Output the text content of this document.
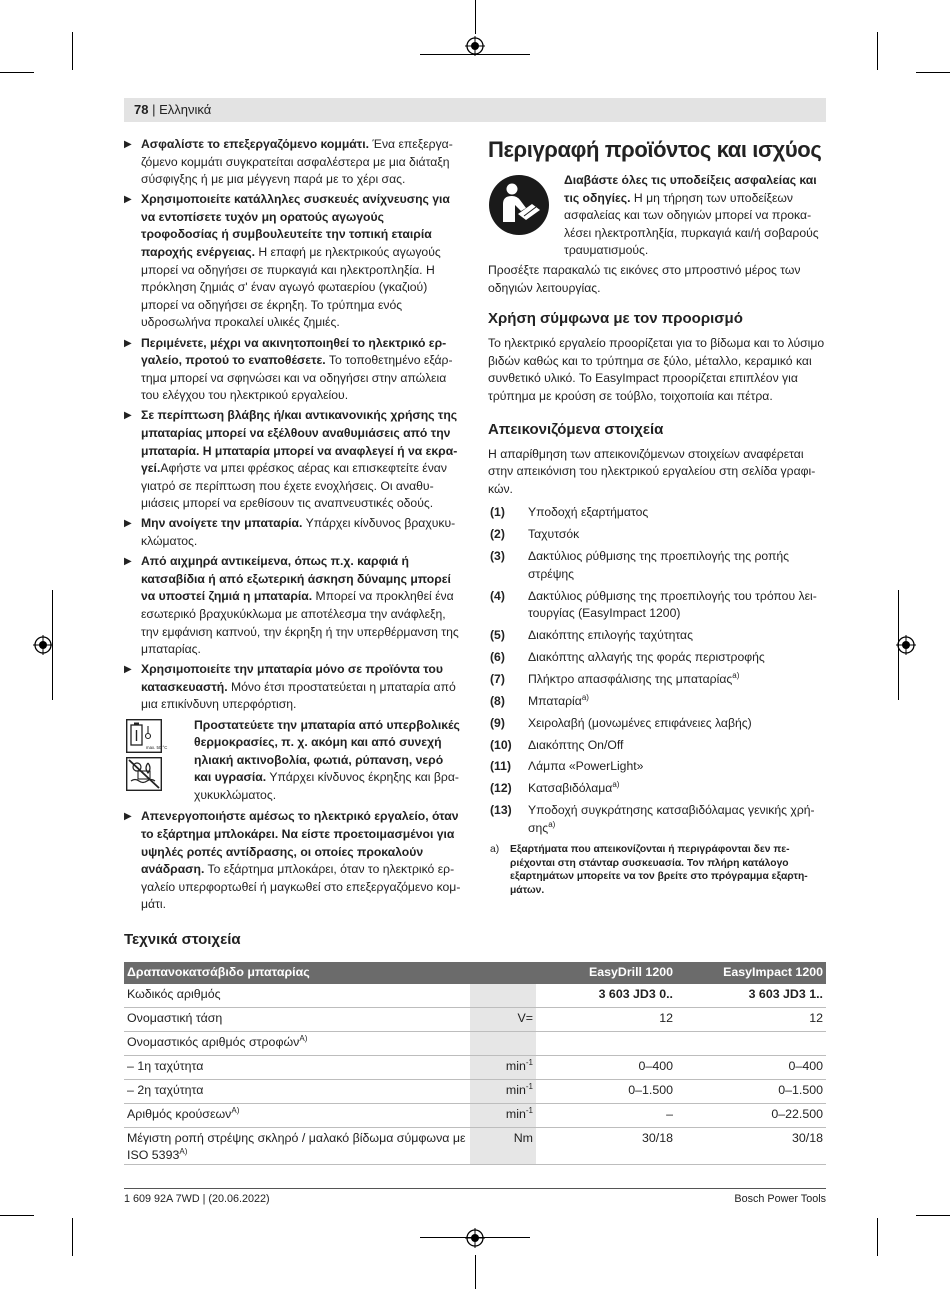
78 | Ελληνικά
▶ Ασφαλίστε το επεξεργαζόμενο κομμάτι. Ένα επεξεργαζόμενο κομμάτι συγκρατείται ασφαλέστερα με μια διάταξη σύσφιγξης ή με μια μέγγενη παρά με το χέρι σας.
▶ Χρησιμοποιείτε κατάλληλες συσκευές ανίχνευσης για να εντοπίσετε τυχόν μη ορατούς αγωγούς τροφοδοσίας ή συμβουλευτείτε την τοπική εταιρία παροχής ενέργειας. Η επαφή με ηλεκτρικούς αγωγούς μπορεί να οδηγήσει σε πυρκαγιά και ηλεκτροπληξία. Η πρόκληση ζημιάς σ' έναν αγωγό φωταερίου (γκαζιού) μπορεί να οδηγήσει σε έκρηξη. Το τρύπημα ενός υδροσωλήνα προκαλεί υλικές ζημιές.
▶ Περιμένετε, μέχρι να ακινητοποιηθεί το ηλεκτρικό εργαλείο, προτού το εναποθέσετε. Το τοποθετημένο εξάρτημα μπορεί να σφηνώσει και να οδηγήσει στην απώλεια του ελέγχου του ηλεκτρικού εργαλείου.
▶ Σε περίπτωση βλάβης ή/και αντικανονικής χρήσης της μπαταρίας μπορεί να εξέλθουν αναθυμιάσεις από την μπαταρία. Η μπαταρία μπορεί να αναφλεγεί ή να εκραγεί.Αφήστε να μπει φρέσκος αέρας και επισκεφτείτε έναν γιατρό σε περίπτωση που έχετε ενοχλήσεις. Οι αναθυμιάσεις μπορεί να ερεθίσουν τις αναπνευστικές οδούς.
▶ Μην ανοίγετε την μπαταρία. Υπάρχει κίνδυνος βραχυκυκλώματος.
▶ Από αιχμηρά αντικείμενα, όπως π.χ. καρφιά ή κατσαβίδια ή από εξωτερική άσκηση δύναμης μπορεί να υποστεί ζημιά η μπαταρία. Μπορεί να προκληθεί ένα εσωτερικό βραχυκύκλωμα με αποτέλεσμα την ανάφλεξη, την εμφάνιση καπνού, την έκρηξη ή την υπερθέρμανση της μπαταρίας.
▶ Χρησιμοποιείτε την μπαταρία μόνο σε προϊόντα του κατασκευαστή. Μόνο έτσι προστατεύεται η μπαταρία από μια επικίνδυνη υπερφόρτιση.
max. 50 °C
Προστατεύετε την μπαταρία από υπερβολικές θερμοκρασίες, π. χ. ακόμη και από συνεχή ηλιακή ακτινοβολία, φωτιά, ρύπανση, νερό και υγρασία. Υπάρχει κίνδυνος έκρηξης και βραχυκυκλώματος.
▶ Απενεργοποιήστε αμέσως το ηλεκτρικό εργαλείο, όταν το εξάρτημα μπλοκάρει. Να είστε προετοιμασμένοι για υψηλές ροπές αντίδρασης, οι οποίες προκαλούν ανάδραση. Το εξάρτημα μπλοκάρει, όταν το ηλεκτρικό εργαλείο υπερφορτωθεί ή μαγκωθεί στο επεξεργαζόμενο κομμάτι.
Περιγραφή προϊόντος και ισχύος
Διαβάστε όλες τις υποδείξεις ασφαλείας και τις οδηγίες. Η μη τήρηση των υποδείξεων ασφαλείας και των οδηγιών μπορεί να προκαλέσει ηλεκτροπληξία, πυρκαγιά και/ή σοβαρούς τραυματισμούς.

Προσέξτε παρακαλώ τις εικόνες στο μπροστινό μέρος των οδηγιών λειτουργίας.

Χρήση σύμφωνα με τον προορισμό

Το ηλεκτρικό εργαλείο προορίζεται για το βίδωμα και το λύσιμο βιδών καθώς και το τρύπημα σε ξύλο, μέταλλο, κεραμικό και συνθετικό υλικό. Το EasyImpact προορίζεται επιπλέον για τρύπημα με κρούση σε τούβλο, τοιχοποιία και πέτρα.

Απεικονιζόμενα στοιχεία

Η απαρίθμηση των απεικονιζόμενων στοιχείων αναφέρεται στην απεικόνιση του ηλεκτρικού εργαλείου στη σελίδα γραφικών.

(1) Υποδοχή εξαρτήματος
(2) Ταχυτσόκ
(3) Δακτύλιος ρύθμισης της προεπιλογής της ροπής στρέψης
(4) Δακτύλιος ρύθμισης της προεπιλογής του τρόπου λειτουργίας (EasyImpact 1200)
(5) Διακόπτης επιλογής ταχύτητας
(6) Διακόπτης αλλαγής της φοράς περιστροφής
(7) Πλήκτρο απασφάλισης της μπαταρίας$^{a)}$
(8) Μπαταρία$^{a)}$
(9) Χειρολαβή (μονωμένες επιφάνειες λαβής)
(10) Διακόπτης On/Off
(11) Λάμπα «PowerLight»
(12) Κατσαβιδόλαμα$^{a)}$
(13) Υποδοχή συγκράτησης κατσαβιδόλαμας γενικής χρήσης$^{a)}$
a) Εξαρτήματα που απεικονίζονται ή περιγράφονται δεν περιέχονται στη στάνταρ συσκευασία. Τον πλήρη κατάλογο εξαρτημάτων μπορείτε να τον βρείτε στο πρόγραμμα εξαρτημάτων.
Τεχνικά στοιχεία
Δραπανοκατσάβιδο μπαταρίας		EasyDrill 1200		EasyImpact 1200
Κωδικός αριθμός		3 603 JD3 0..		3 603 JD3 1..
Ονομαστική τάση	V=	12		12
Ονομαστικός αριθμός στροφών$^{A)}$				
– 1η ταχύτητα	$\min^{-1}$	0–400		0–400
– 2η ταχύτητα	$\min^{-1}$	0–1.500		0–1.500
Αριθμός κρούσεων$^{A)}$	$\min^{-1}$	–		0–22.500
Μέγιστη ροπή στρέψης σκληρό / μαλακό βίδωμα σύμφωνα με ISO $5393^{A)}$	Nm	30/18		30/18
1 609 92A 7WD | (20.06.2022)	Bosch Power Tools
